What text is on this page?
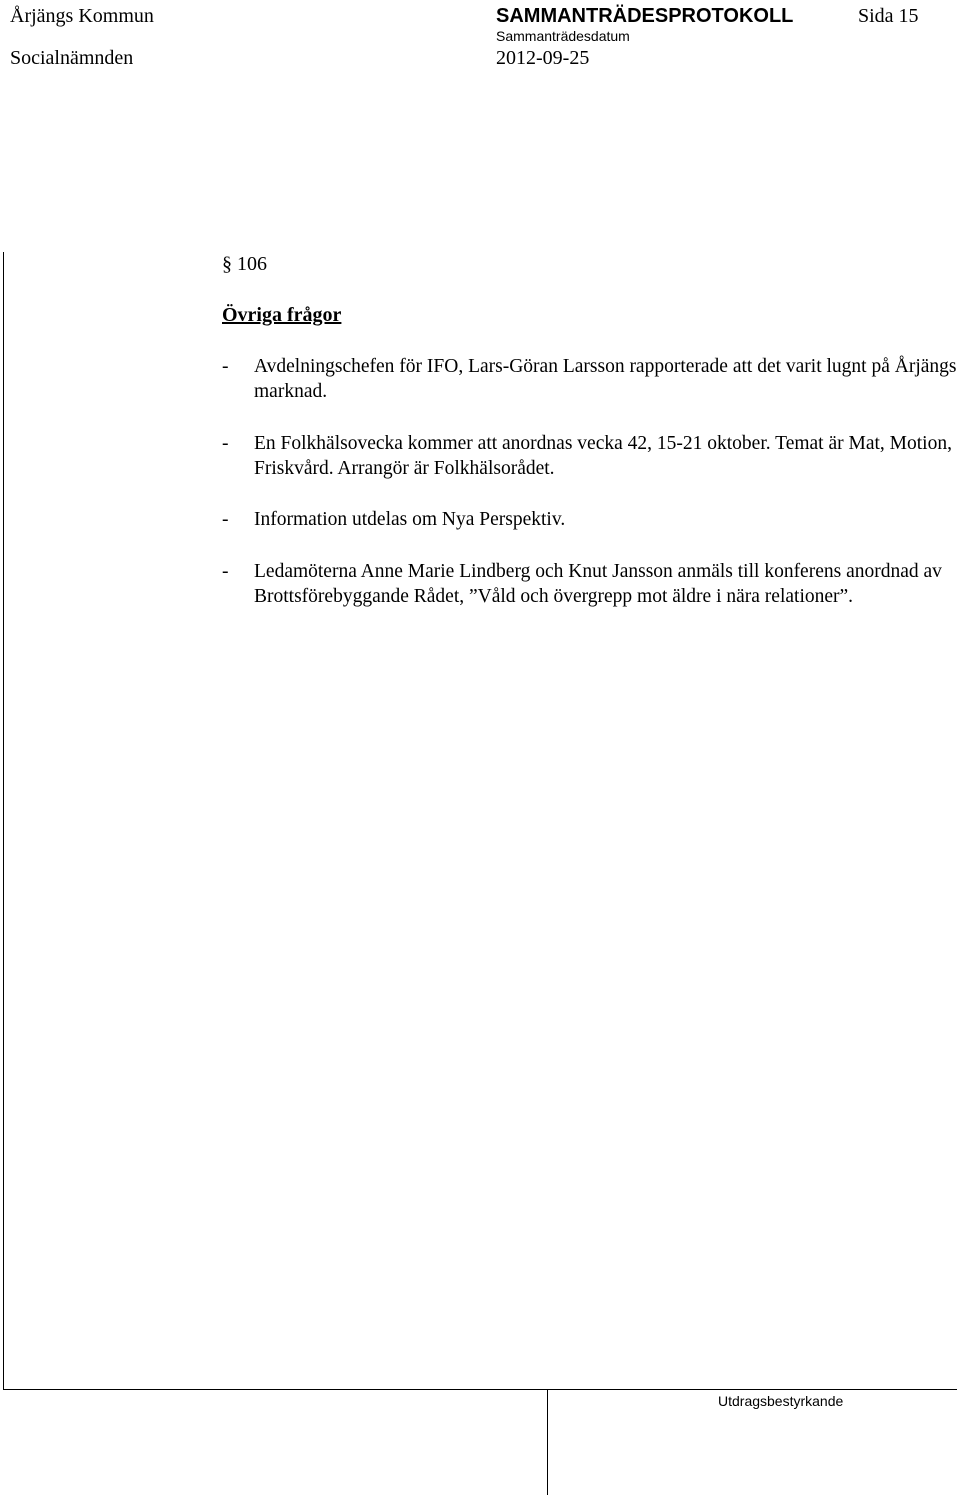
Årjängs Kommun	SAMMANTRÄDESPROTOKOLL	Sida 15
Socialnämnden
Sammanträdesdatum
2012-09-25
§ 106
Övriga frågor
- Avdelningschefen för IFO, Lars-Göran Larsson rapporterade att det varit lugnt på Årjängs marknad.
- En Folkhälsovecka kommer att anordnas vecka 42, 15-21 oktober. Temat är Mat, Motion, Friskvård. Arrangör är Folkhälsorådet.
- Information utdelas om Nya Perspektiv.
- Ledamöterna Anne Marie Lindberg och Knut Jansson anmäls till konferens anordnad av Brottsförebyggande Rådet, ”Våld och övergrepp mot äldre i nära relationer”.
Utdragsbestyrkande
